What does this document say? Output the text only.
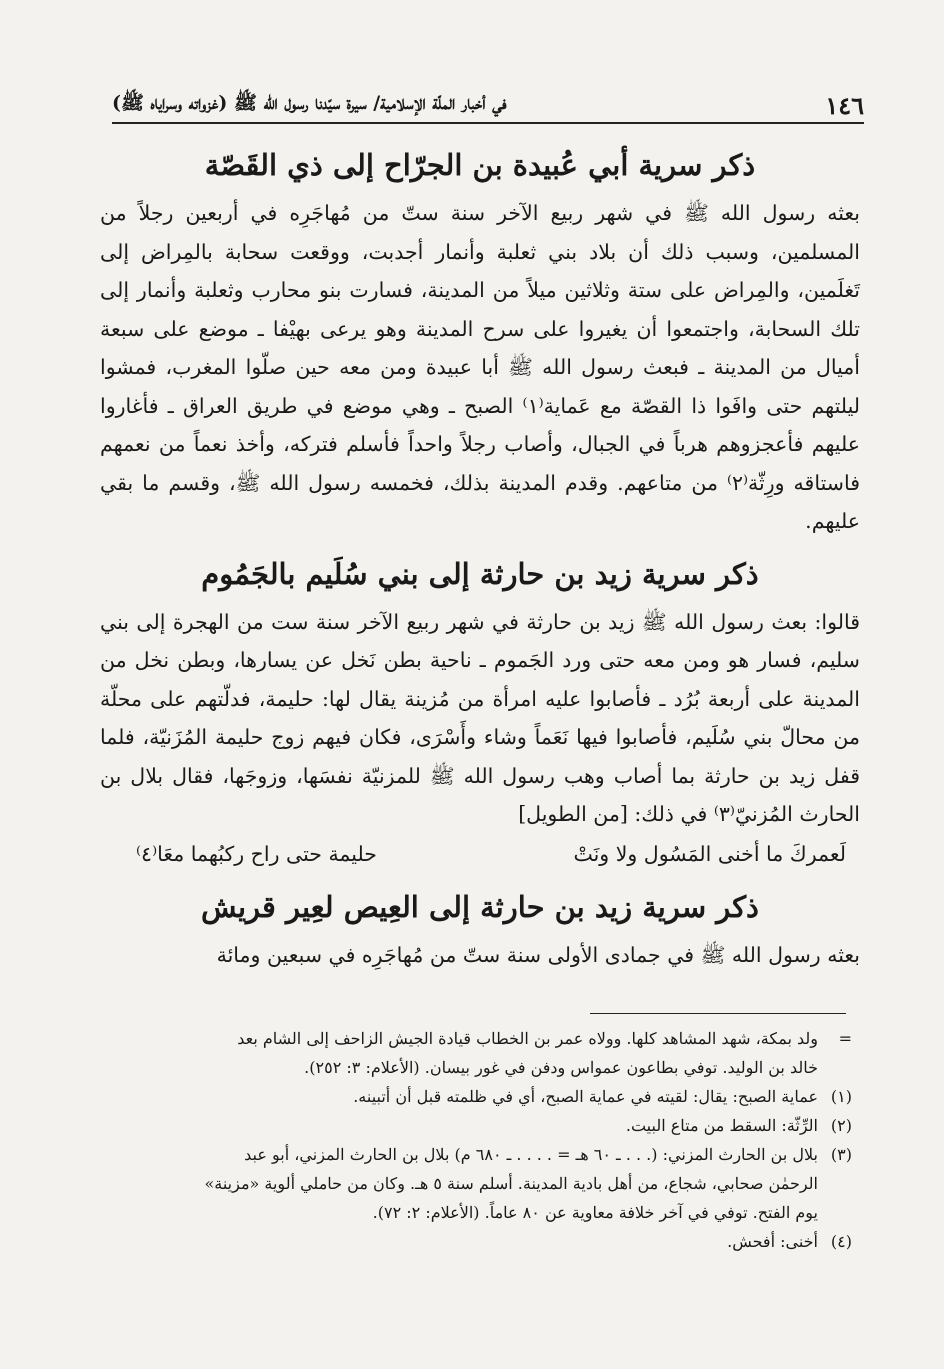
في أخبار الملّة الإسلامية/ سيرة سيّدنا رسول الله ﷺ (غزواته وسراياه ﷺ)	١٤٦
ذكر سرية أبي عُبيدة بن الجرّاح إلى ذي القَصّة

بعثه رسول الله ﷺ في شهر ربيع الآخر سنة ستّ من مُهاجَرِه في أربعين رجلاً من المسلمين، وسبب ذلك أن بلاد بني ثعلبة وأنمار أجدبت، ووقعت سحابة بالمِراض إلى تَغلَمين، والمِراض على ستة وثلاثين ميلاً من المدينة، فسارت بنو محارب وثعلبة وأنمار إلى تلك السحابة، واجتمعوا أن يغيروا على سرح المدينة وهو يرعى بهيْفا ـ موضع على سبعة أميال من المدينة ـ فبعث رسول الله ﷺ أبا عبيدة ومن معه حين صلّوا المغرب، فمشوا ليلتهم حتى وافَوا ذا القصّة مع عَماية⁽١⁾ الصبح ـ وهي موضع في طريق العراق ـ فأغاروا عليهم فأعجزوهم هرباً في الجبال، وأصاب رجلاً واحداً فأسلم فتركه، وأخذ نعماً من نعمهم فاستاقه ورِثّة⁽٢⁾ من متاعهم. وقدم المدينة بذلك، فخمسه رسول الله ﷺ، وقسم ما بقي عليهم.

ذكر سرية زيد بن حارثة إلى بني سُلَيم بالجَمُوم

قالوا: بعث رسول الله ﷺ زيد بن حارثة في شهر ربيع الآخر سنة ست من الهجرة إلى بني سليم، فسار هو ومن معه حتى ورد الجَموم ـ ناحية بطن نَخل عن يسارها، وبطن نخل من المدينة على أربعة بُرُد ـ فأصابوا عليه امرأة من مُزينة يقال لها: حليمة، فدلّتهم على محلّة من محالّ بني سُلَيم، فأصابوا فيها نَعَماً وشاء وأَسْرَى، فكان فيهم زوج حليمة المُزَنيّة، فلما قفل زيد بن حارثة بما أصاب وهب رسول الله ﷺ للمزنيّة نفسَها، وزوجَها، فقال بلال بن الحارث المُزنيّ⁽٣⁾ في ذلك: [من الطويل]

لَعمركَ ما أخنى المَسُول ولا ونَتْ
حليمة حتى راح ركبُهما معَا⁽٤⁾
ذكر سرية زيد بن حارثة إلى العِيص لعِير قريش

بعثه رسول الله ﷺ في جمادى الأولى سنة ستّ من مُهاجَرِه في سبعين ومائة

=
ولد بمكة، شهد المشاهد كلها. وولاه عمر بن الخطاب قيادة الجيش الزاحف إلى الشام بعد
خالد بن الوليد. توفي بطاعون عمواس ودفن في غور بيسان. (الأعلام: ٣: ٢٥٢).
(١)
عماية الصبح: يقال: لقيته في عماية الصبح، أي في ظلمته قبل أن أتبينه.
(٢)
الرِّثّة: السقط من متاع البيت.
(٣)
بلال بن الحارث المزني: (. . . ـ ٦٠ هـ = . . . . ـ ٦٨٠ م) بلال بن الحارث المزني، أبو عبد
الرحمٰن صحابي، شجاع، من أهل بادية المدينة. أسلم سنة ٥ هـ. وكان من حاملي ألوية «مزينة»
يوم الفتح. توفي في آخر خلافة معاوية عن ٨٠ عاماً. (الأعلام: ٢: ٧٢).
(٤)
أخنى: أفحش.
